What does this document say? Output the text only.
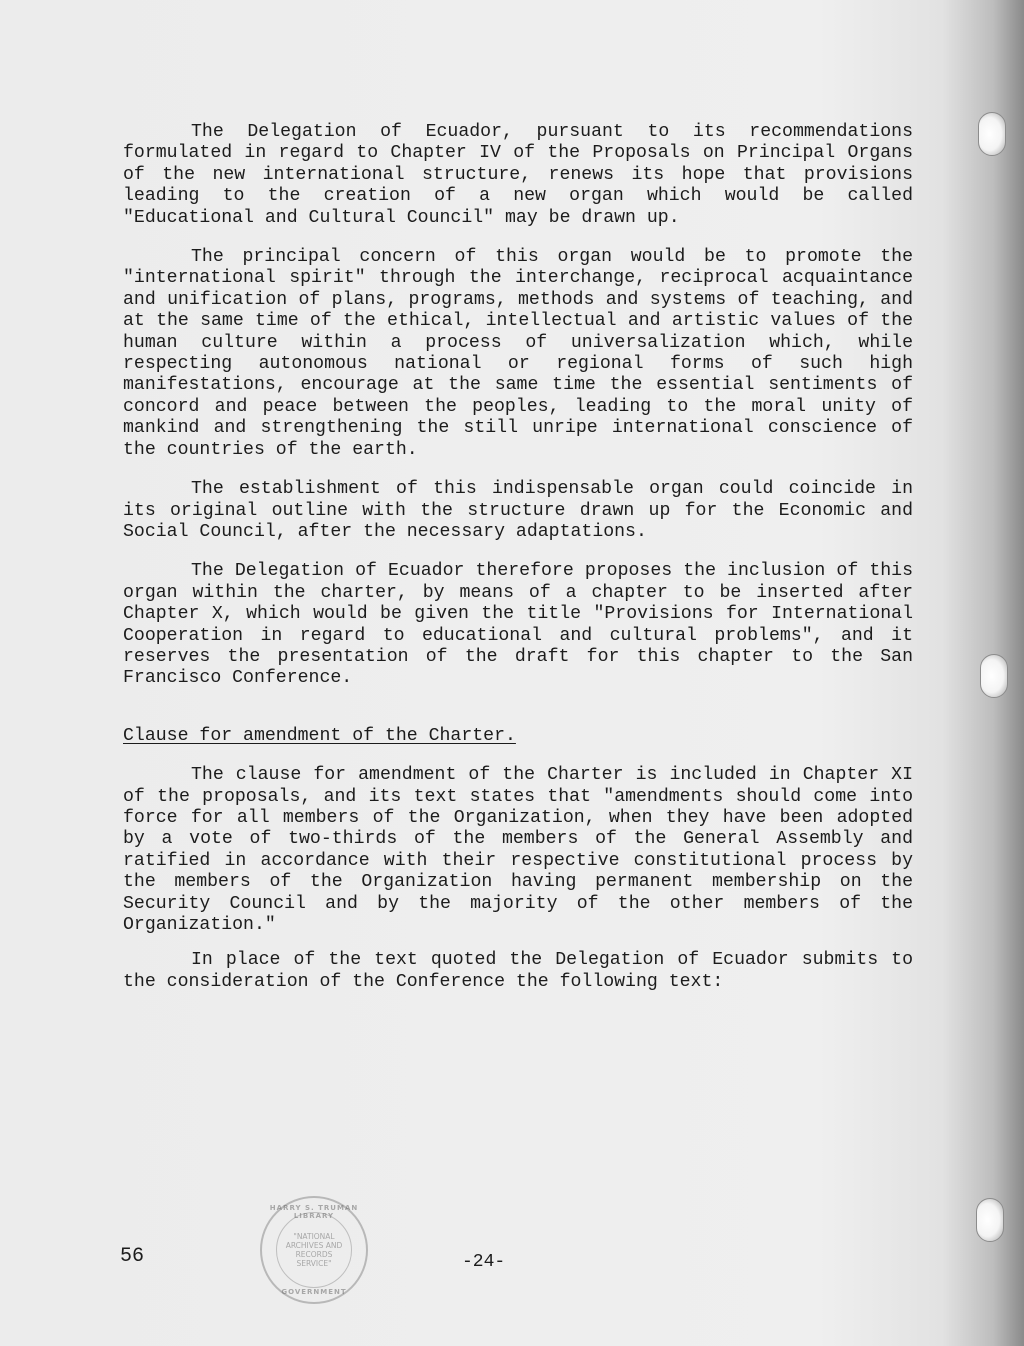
The Delegation of Ecuador, pursuant to its recommendations formulated in regard to Chapter IV of the Proposals on Principal Organs of the new international structure, renews its hope that provisions leading to the creation of a new organ which would be called "Educational and Cultural Council" may be drawn up.

The principal concern of this organ would be to promote the "international spirit" through the interchange, reciprocal acquaintance and unification of plans, programs, methods and systems of teaching, and at the same time of the ethical, intellectual and artistic values of the human culture within a process of universalization which, while respecting autonomous national or regional forms of such high manifestations, encourage at the same time the essential sentiments of concord and peace between the peoples, leading to the moral unity of mankind and strengthening the still unripe international conscience of the countries of the earth.

The establishment of this indispensable organ could coincide in its original outline with the structure drawn up for the Economic and Social Council, after the necessary adaptations.

The Delegation of Ecuador therefore proposes the inclusion of this organ within the charter, by means of a chapter to be inserted after Chapter X, which would be given the title "Provisions for International Cooperation in regard to educational and cultural problems", and it reserves the presentation of the draft for this chapter to the San Francisco Conference.

Clause for amendment of the Charter.

The clause for amendment of the Charter is included in Chapter XI of the proposals, and its text states that "amendments should come into force for all members of the Organization, when they have been adopted by a vote of two-thirds of the members of the General Assembly and ratified in accordance with their respective constitutional process by the members of the Organization having permanent membership on the Security Council and by the majority of the other members of the Organization."

In place of the text quoted the Delegation of Ecuador submits to the consideration of the Conference the following text:

56	-24-
HARRY S. TRUMAN LIBRARY
"NATIONAL
ARCHIVES AND
RECORDS
SERVICE"
GOVERNMENT
